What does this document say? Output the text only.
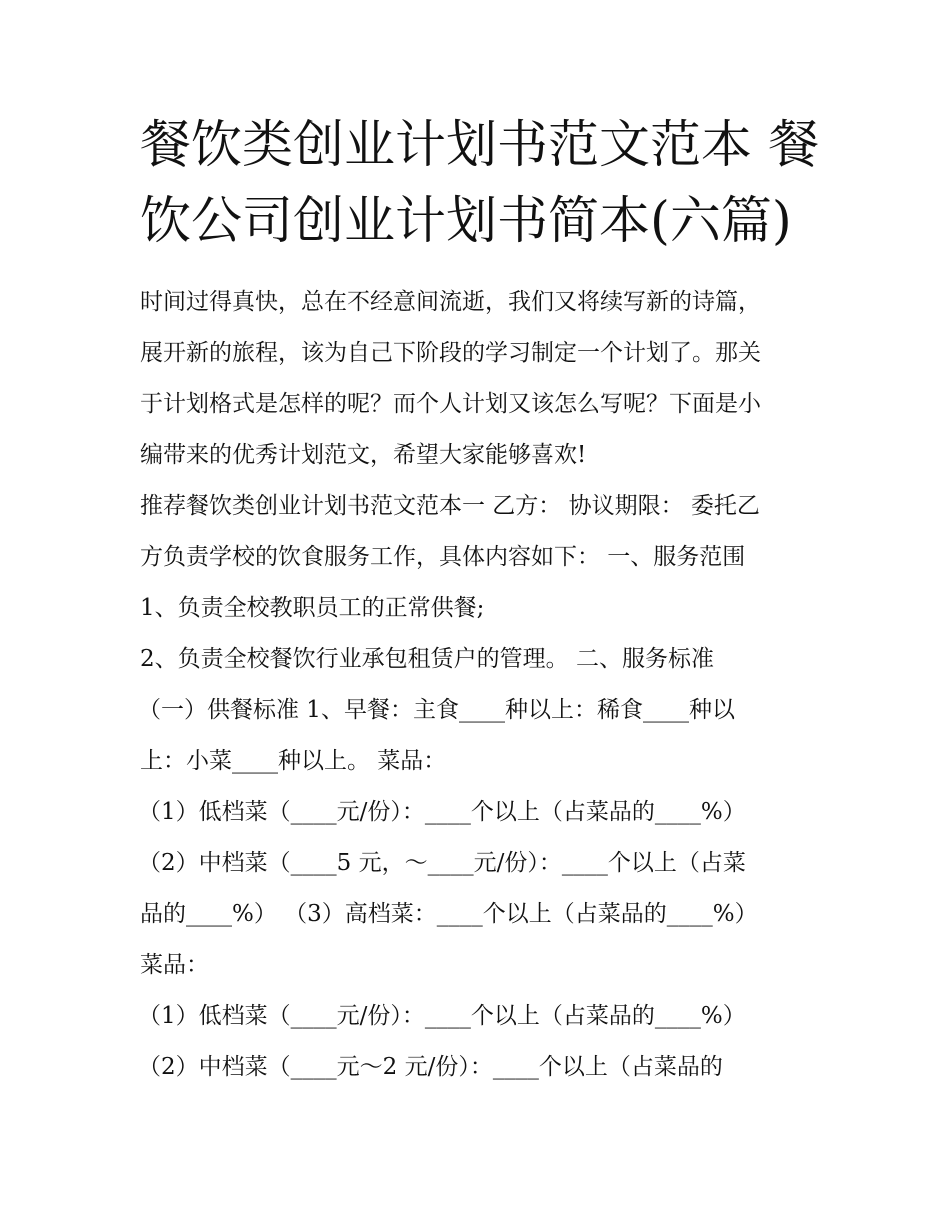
餐饮类创业计划书范文范本 餐
饮公司创业计划书简本(六篇)
时间过得真快，总在不经意间流逝，我们又将续写新的诗篇，
展开新的旅程，该为自己下阶段的学习制定一个计划了。那关
于计划格式是怎样的呢？而个人计划又该怎么写呢？下面是小
编带来的优秀计划范文，希望大家能够喜欢!
推荐餐饮类创业计划书范文范本一 乙方： 协议期限： 委托乙
方负责学校的饮食服务工作，具体内容如下： 一、服务范围
1、负责全校教职员工的正常供餐;
2、负责全校餐饮行业承包租赁户的管理。 二、服务标准
（一）供餐标准 1、早餐：主食____种以上：稀食____种以
上：小菜____种以上。 菜品：
（1）低档菜（____元/份）：____个以上（占菜品的____%）
（2）中档菜（____5 元，～____元/份）：____个以上（占菜
品的____%） （3）高档菜：____个以上（占菜品的____%）
菜品：
（1）低档菜（____元/份）：____个以上（占菜品的____%）
（2）中档菜（____元～2 元/份）：____个以上（占菜品的
